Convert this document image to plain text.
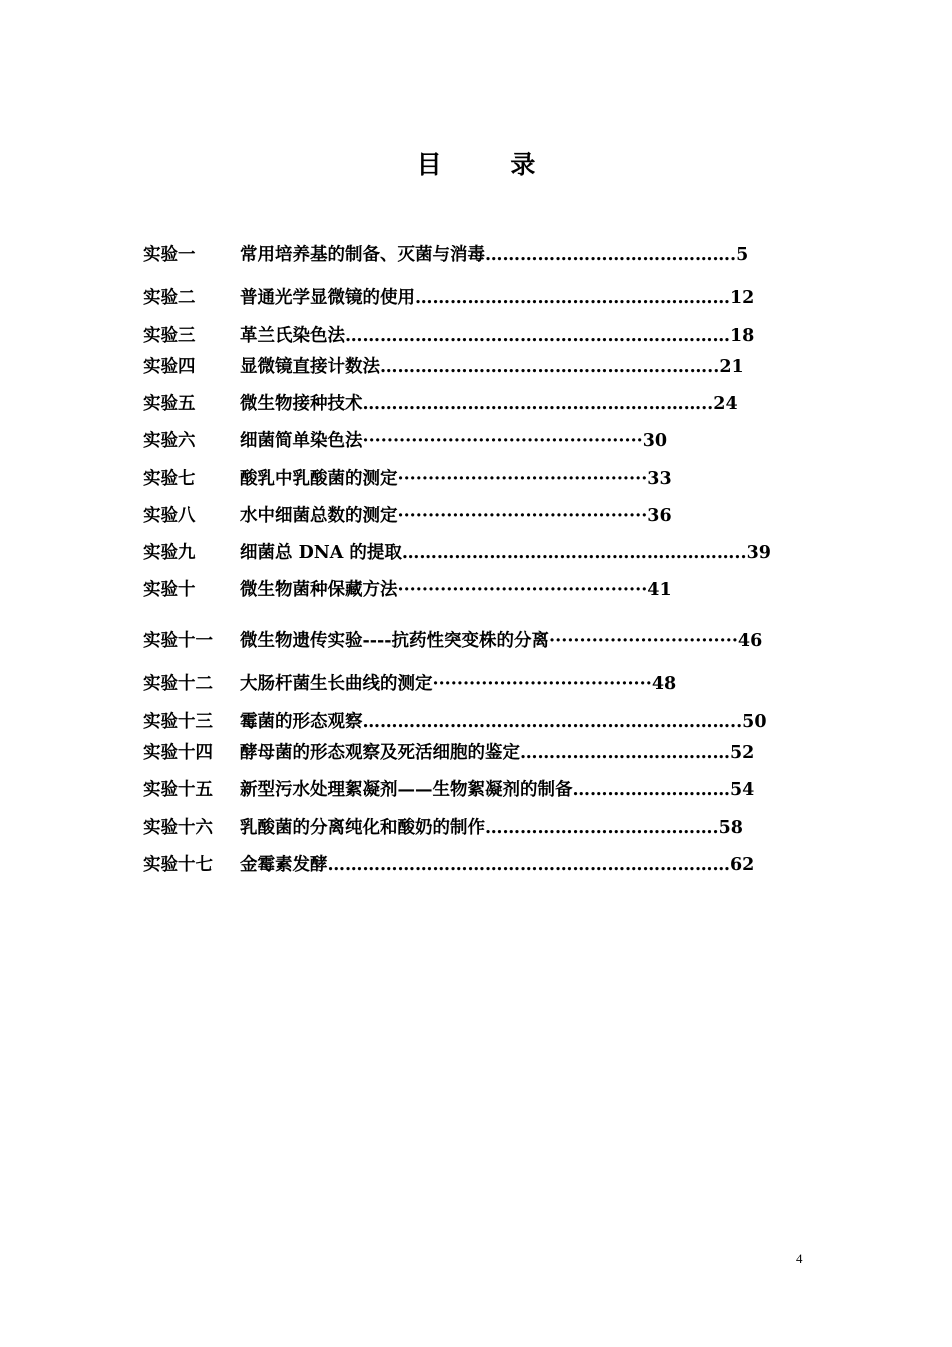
目 录
实验一	常用培养基的制备、灭菌与消毒…………………………………….5
实验二	普通光学显微镜的使用………………………………………………12
实验三	革兰氏染色法…………………………………………………………18
实验四	显微镜直接计数法…………………………………………..……..21
实验五	微生物接种技术………………………………………….………..24
实验六	细菌简单染色法··············································30
实验七	酸乳中乳酸菌的测定·········································33
实验八	水中细菌总数的测定·········································36
实验九	细菌总 DNA 的提取…………………………………………………..39
实验十	微生物菌种保藏方法·········································41
实验十一	微生物遗传实验----抗药性突变株的分离·······························46
实验十二	大肠杆菌生长曲线的测定····································48
实验十三	霉菌的形态观察………………………………………………………..50
实验十四	酵母菌的形态观察及死活细胞的鉴定………………………………52
实验十五	新型污水处理絮凝剂——生物絮凝剂的制备………………………54
实验十六	乳酸菌的分离纯化和酸奶的制作………………………………….58
实验十七	金霉素发酵……………………………………………………………62
4
